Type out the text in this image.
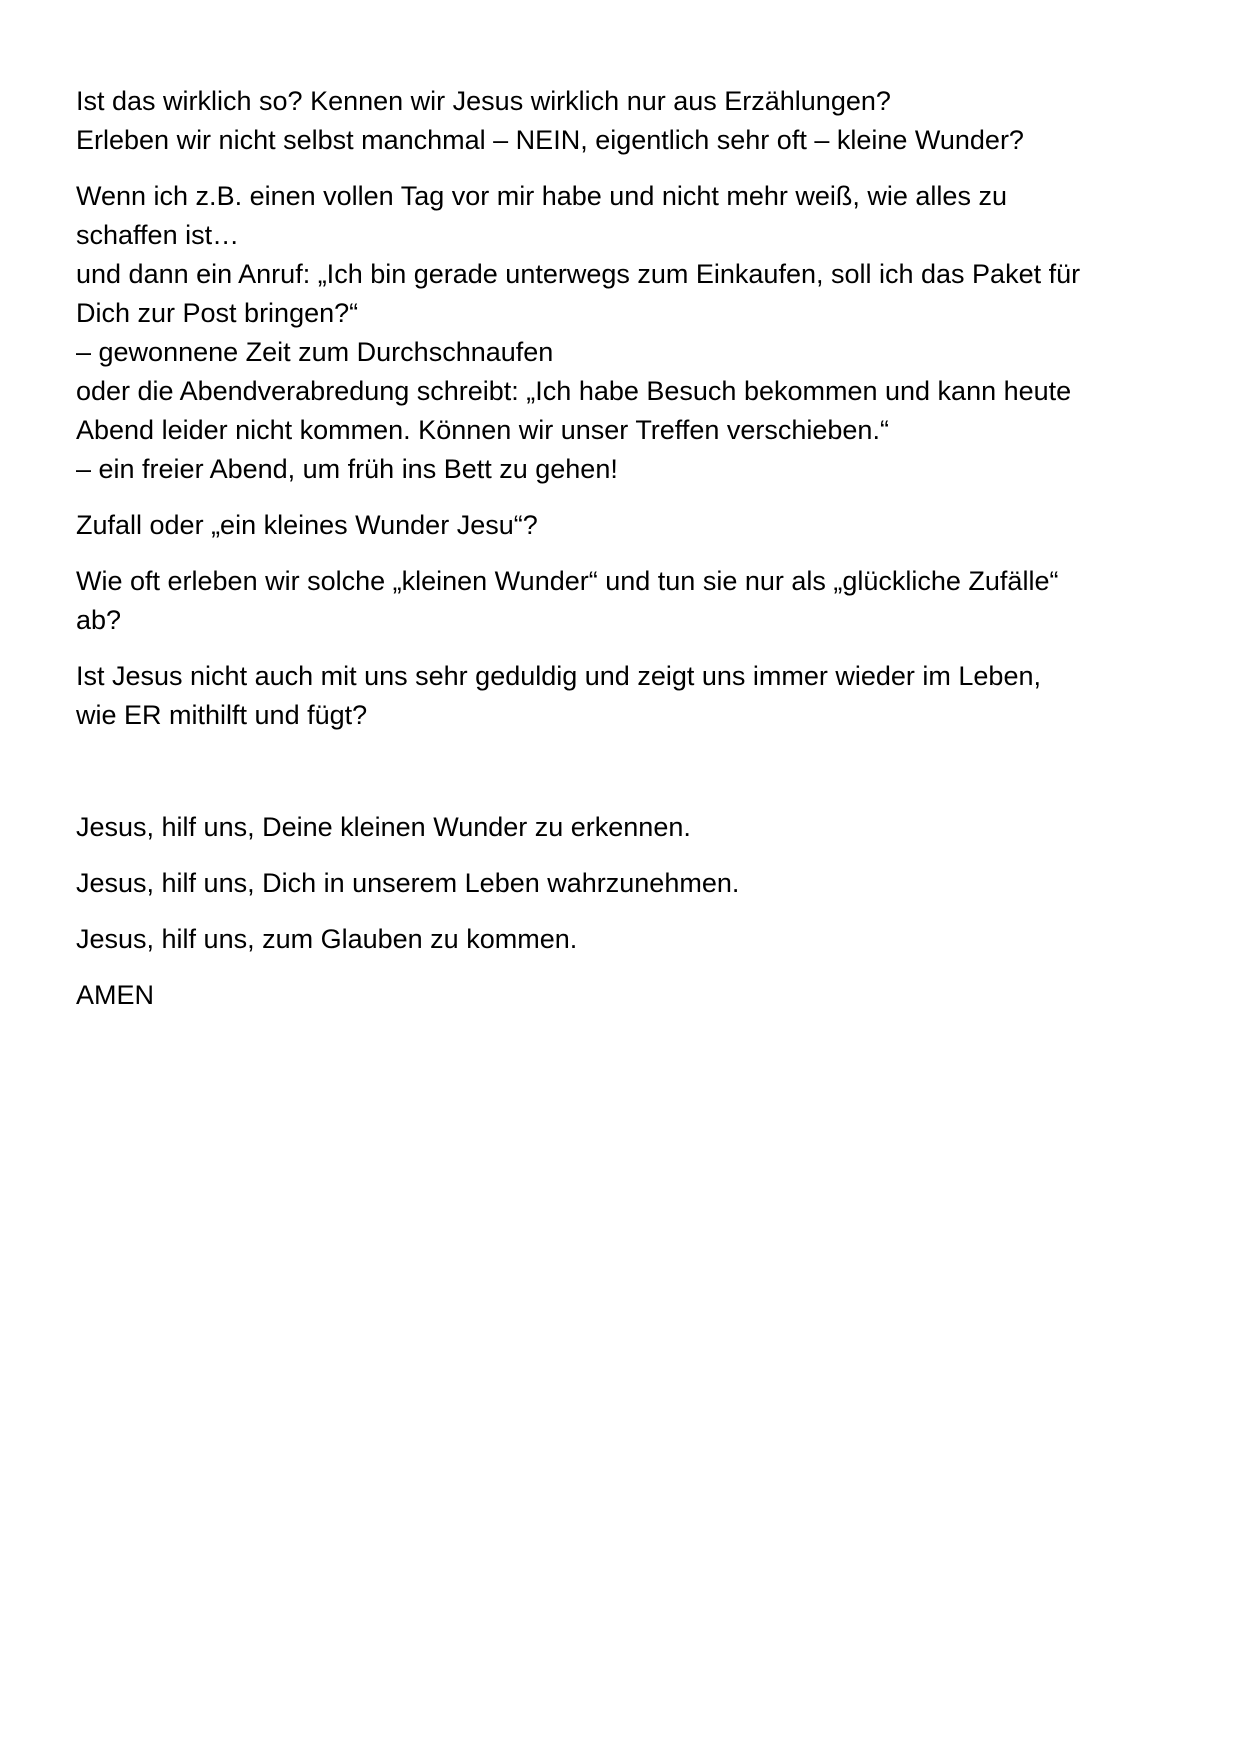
Ist das wirklich so? Kennen wir Jesus wirklich nur aus Erzählungen?
Erleben wir nicht selbst manchmal – NEIN, eigentlich sehr oft – kleine Wunder?

Wenn ich z.B. einen vollen Tag vor mir habe und nicht mehr weiß, wie alles zu
schaffen ist…
und dann ein Anruf: „Ich bin gerade unterwegs zum Einkaufen, soll ich das Paket für
Dich zur Post bringen?“
– gewonnene Zeit zum Durchschnaufen
oder die Abendverabredung schreibt: „Ich habe Besuch bekommen und kann heute
Abend leider nicht kommen. Können wir unser Treffen verschieben.“
– ein freier Abend, um früh ins Bett zu gehen!

Zufall oder „ein kleines Wunder Jesu“?

Wie oft erleben wir solche „kleinen Wunder“ und tun sie nur als „glückliche Zufälle“
ab?

Ist Jesus nicht auch mit uns sehr geduldig und zeigt uns immer wieder im Leben,
wie ER mithilft und fügt?

Jesus, hilf uns, Deine kleinen Wunder zu erkennen.

Jesus, hilf uns, Dich in unserem Leben wahrzunehmen.

Jesus, hilf uns, zum Glauben zu kommen.

AMEN
